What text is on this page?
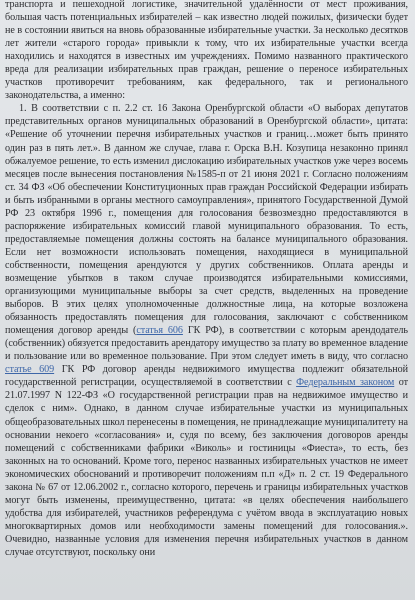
транспорта и пешеходной логистике, значительной удалённости от мест проживания, большая часть потенциальных избирателей – как известно людей пожилых, физически будет не в состоянии явиться на вновь образованные избирательные участки. За несколько десятков лет жители «старого города» привыкли к тому, что их избирательные участки всегда находились и находятся в известных им учреждениях. Помимо названного практического вреда для реализации избирательных прав граждан, решение о переносе избирательных участков противоречит требованиям, как федерального, так и регионального законодательства, а именно:

1. В соответствии с п. 2.2 ст. 16 Закона Оренбургской области «О выборах депутатов представительных органов муниципальных образований в Оренбургской области», цитата: «Решение об уточнении перечня избирательных участков и границ…может быть принято один раз в пять лет.». В данном же случае, глава г. Орска В.Н. Козупица незаконно принял обжалуемое решение, то есть изменил дислокацию избирательных участков уже через восемь месяцев после вынесения постановления №1585-п от 21 июня 2021 г. Согласно положениям ст. 34 ФЗ «Об обеспечении Конституционных прав граждан Российской Федерации избирать и быть избранными в органы местного самоуправления», принятого Государственной Думой РФ 23 октября 1996 г., помещения для голосования безвозмездно предоставляются в распоряжение избирательных комиссий главой муниципального образования. То есть, предоставляемые помещения должны состоять на балансе муниципального образования. Если нет возможности использовать помещения, находящиеся в муниципальной собственности, помещения арендуются у других собственников. Оплата аренды и возмещение убытков в таком случае производятся избирательными комиссиями, организующими муниципальные выборы за счет средств, выделенных на проведение выборов. В этих целях уполномоченные должностные лица, на которые возложена обязанность предоставлять помещения для голосования, заключают с собственником помещения договор аренды (статья 606 ГК РФ), в соответствии с которым арендодатель (собственник) обязуется предоставить арендатору имущество за плату во временное владение и пользование или во временное пользование. При этом следует иметь в виду, что согласно статье 609 ГК РФ договор аренды недвижимого имущества подлежит обязательной государственной регистрации, осуществляемой в соответствии с Федеральным законом от 21.07.1997 N 122-ФЗ «О государственной регистрации прав на недвижимое имущество и сделок с ним». Однако, в данном случае избирательные участки из муниципальных общеобразовательных школ перенесены в помещения, не принадлежащие муниципалитету на основании некоего «согласования» и, судя по всему, без заключения договоров аренды помещений с собственниками фабрики «Виколь» и гостиницы «Фиеста», то есть, без законных на то оснований. Кроме того, перенос названных избирательных участков не имеет экономических обоснований и противоречит положениям п.п «Д» п. 2 ст. 19 Федерального закона № 67 от 12.06.2002 г., согласно которого, перечень и границы избирательных участков могут быть изменены, преимущественно, цитата: «в целях обеспечения наибольшего удобства для избирателей, участников референдума с учётом ввода в эксплуатацию новых многоквартирных домов или необходимости замены помещений для голосования.». Очевидно, названные условия для изменения перечня избирательных участков в данном случае отсутствуют, поскольку они
